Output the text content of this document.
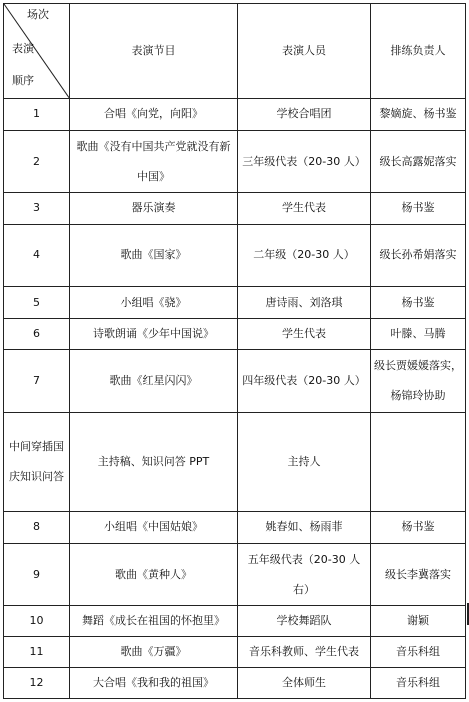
场次
表演
顺序	表演节目	表演人员	排练负责人
1	合唱《向党，向阳》	学校合唱团	黎嫡旋、杨书鉴
2	歌曲《没有中国共产党就没有新中国》	三年级代表（20-30 人）	级长高露妮落实
3	器乐演奏	学生代表	杨书鉴
4	歌曲《国家》	二年级（20-30 人）	级长孙希娟落实
5	小组唱《骁》	唐诗雨、刘洛琪	杨书鉴
6	诗歌朗诵《少年中国说》	学生代表	叶滕、马腾
7	歌曲《红星闪闪》	四年级代表（20-30 人）	级长贾媛媛落实，杨锦玲协助
中间穿插国庆知识问答	主持稿、知识问答 PPT	主持人	
8	小组唱《中国姑娘》	姚春如、杨雨菲	杨书鉴
9	歌曲《黄种人》	五年级代表（20-30 人右）	级长李冀落实
10	舞蹈《成长在祖国的怀抱里》	学校舞蹈队	谢颖
11	歌曲《万疆》	音乐科教师、学生代表	音乐科组
12	大合唱《我和我的祖国》	全体师生	音乐科组
